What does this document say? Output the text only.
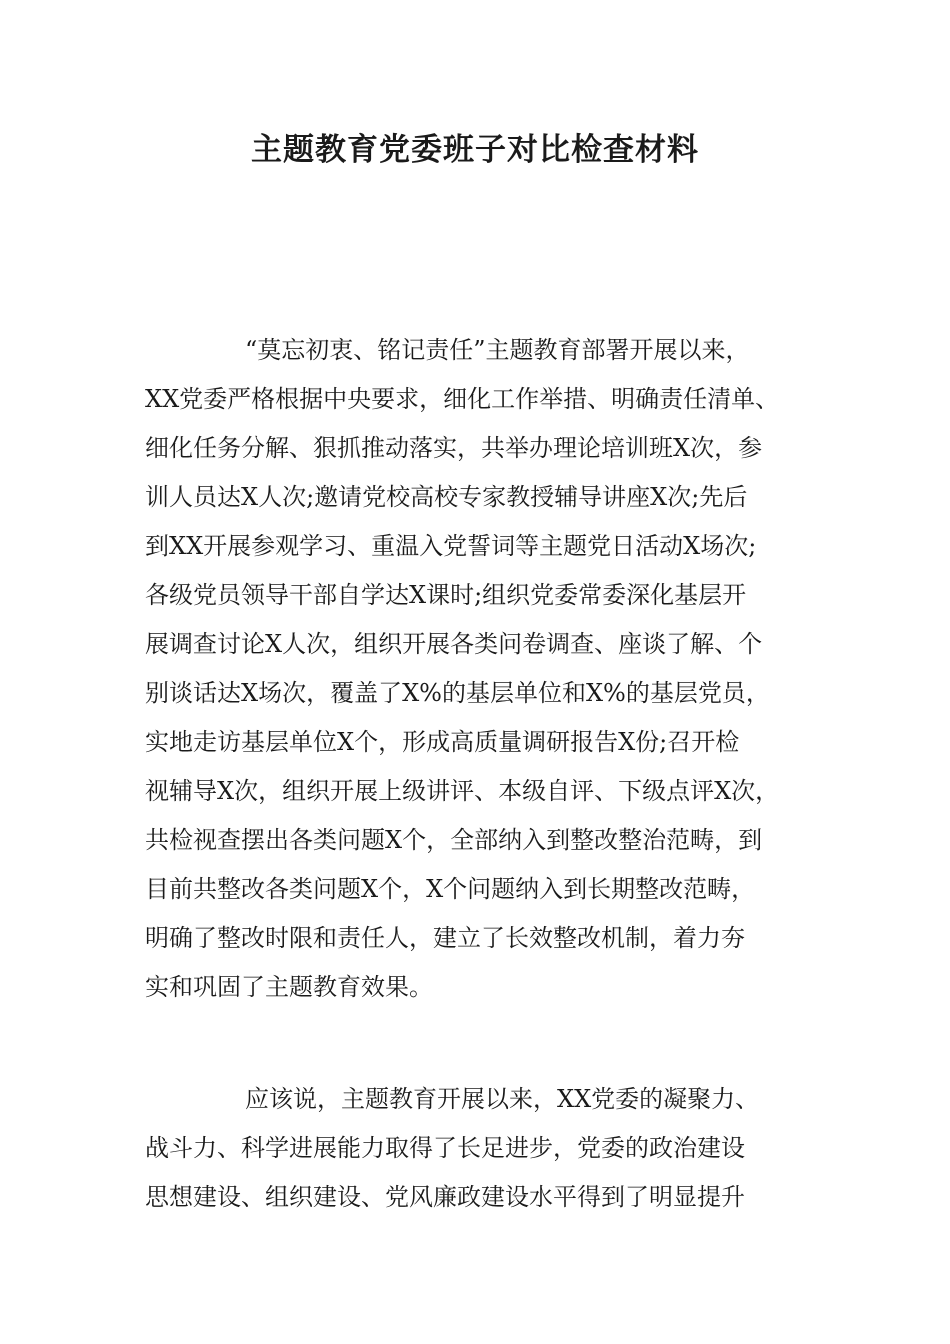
主题教育党委班子对比检查材料
“莫忘初衷、铭记责任”主题教育部署开展以来，
XX党委严格根据中央要求，细化工作举措、明确责任清单、
细化任务分解、狠抓推动落实，共举办理论培训班X次，参
训人员达X人次;邀请党校高校专家教授辅导讲座X次;先后
到XX开展参观学习、重温入党誓词等主题党日活动X场次;
各级党员领导干部自学达X课时;组织党委常委深化基层开
展调查讨论X人次，组织开展各类问卷调查、座谈了解、个
别谈话达X场次，覆盖了X%的基层单位和X%的基层党员，
实地走访基层单位X个，形成高质量调研报告X份;召开检
视辅导X次，组织开展上级讲评、本级自评、下级点评X次，
共检视查摆出各类问题X个，全部纳入到整改整治范畴，到
目前共整改各类问题X个，X个问题纳入到长期整改范畴，
明确了整改时限和责任人，建立了长效整改机制，着力夯
实和巩固了主题教育效果。
应该说，主题教育开展以来，XX党委的凝聚力、
战斗力、科学进展能力取得了长足进步，党委的政治建设
思想建设、组织建设、党风廉政建设水平得到了明显提升
